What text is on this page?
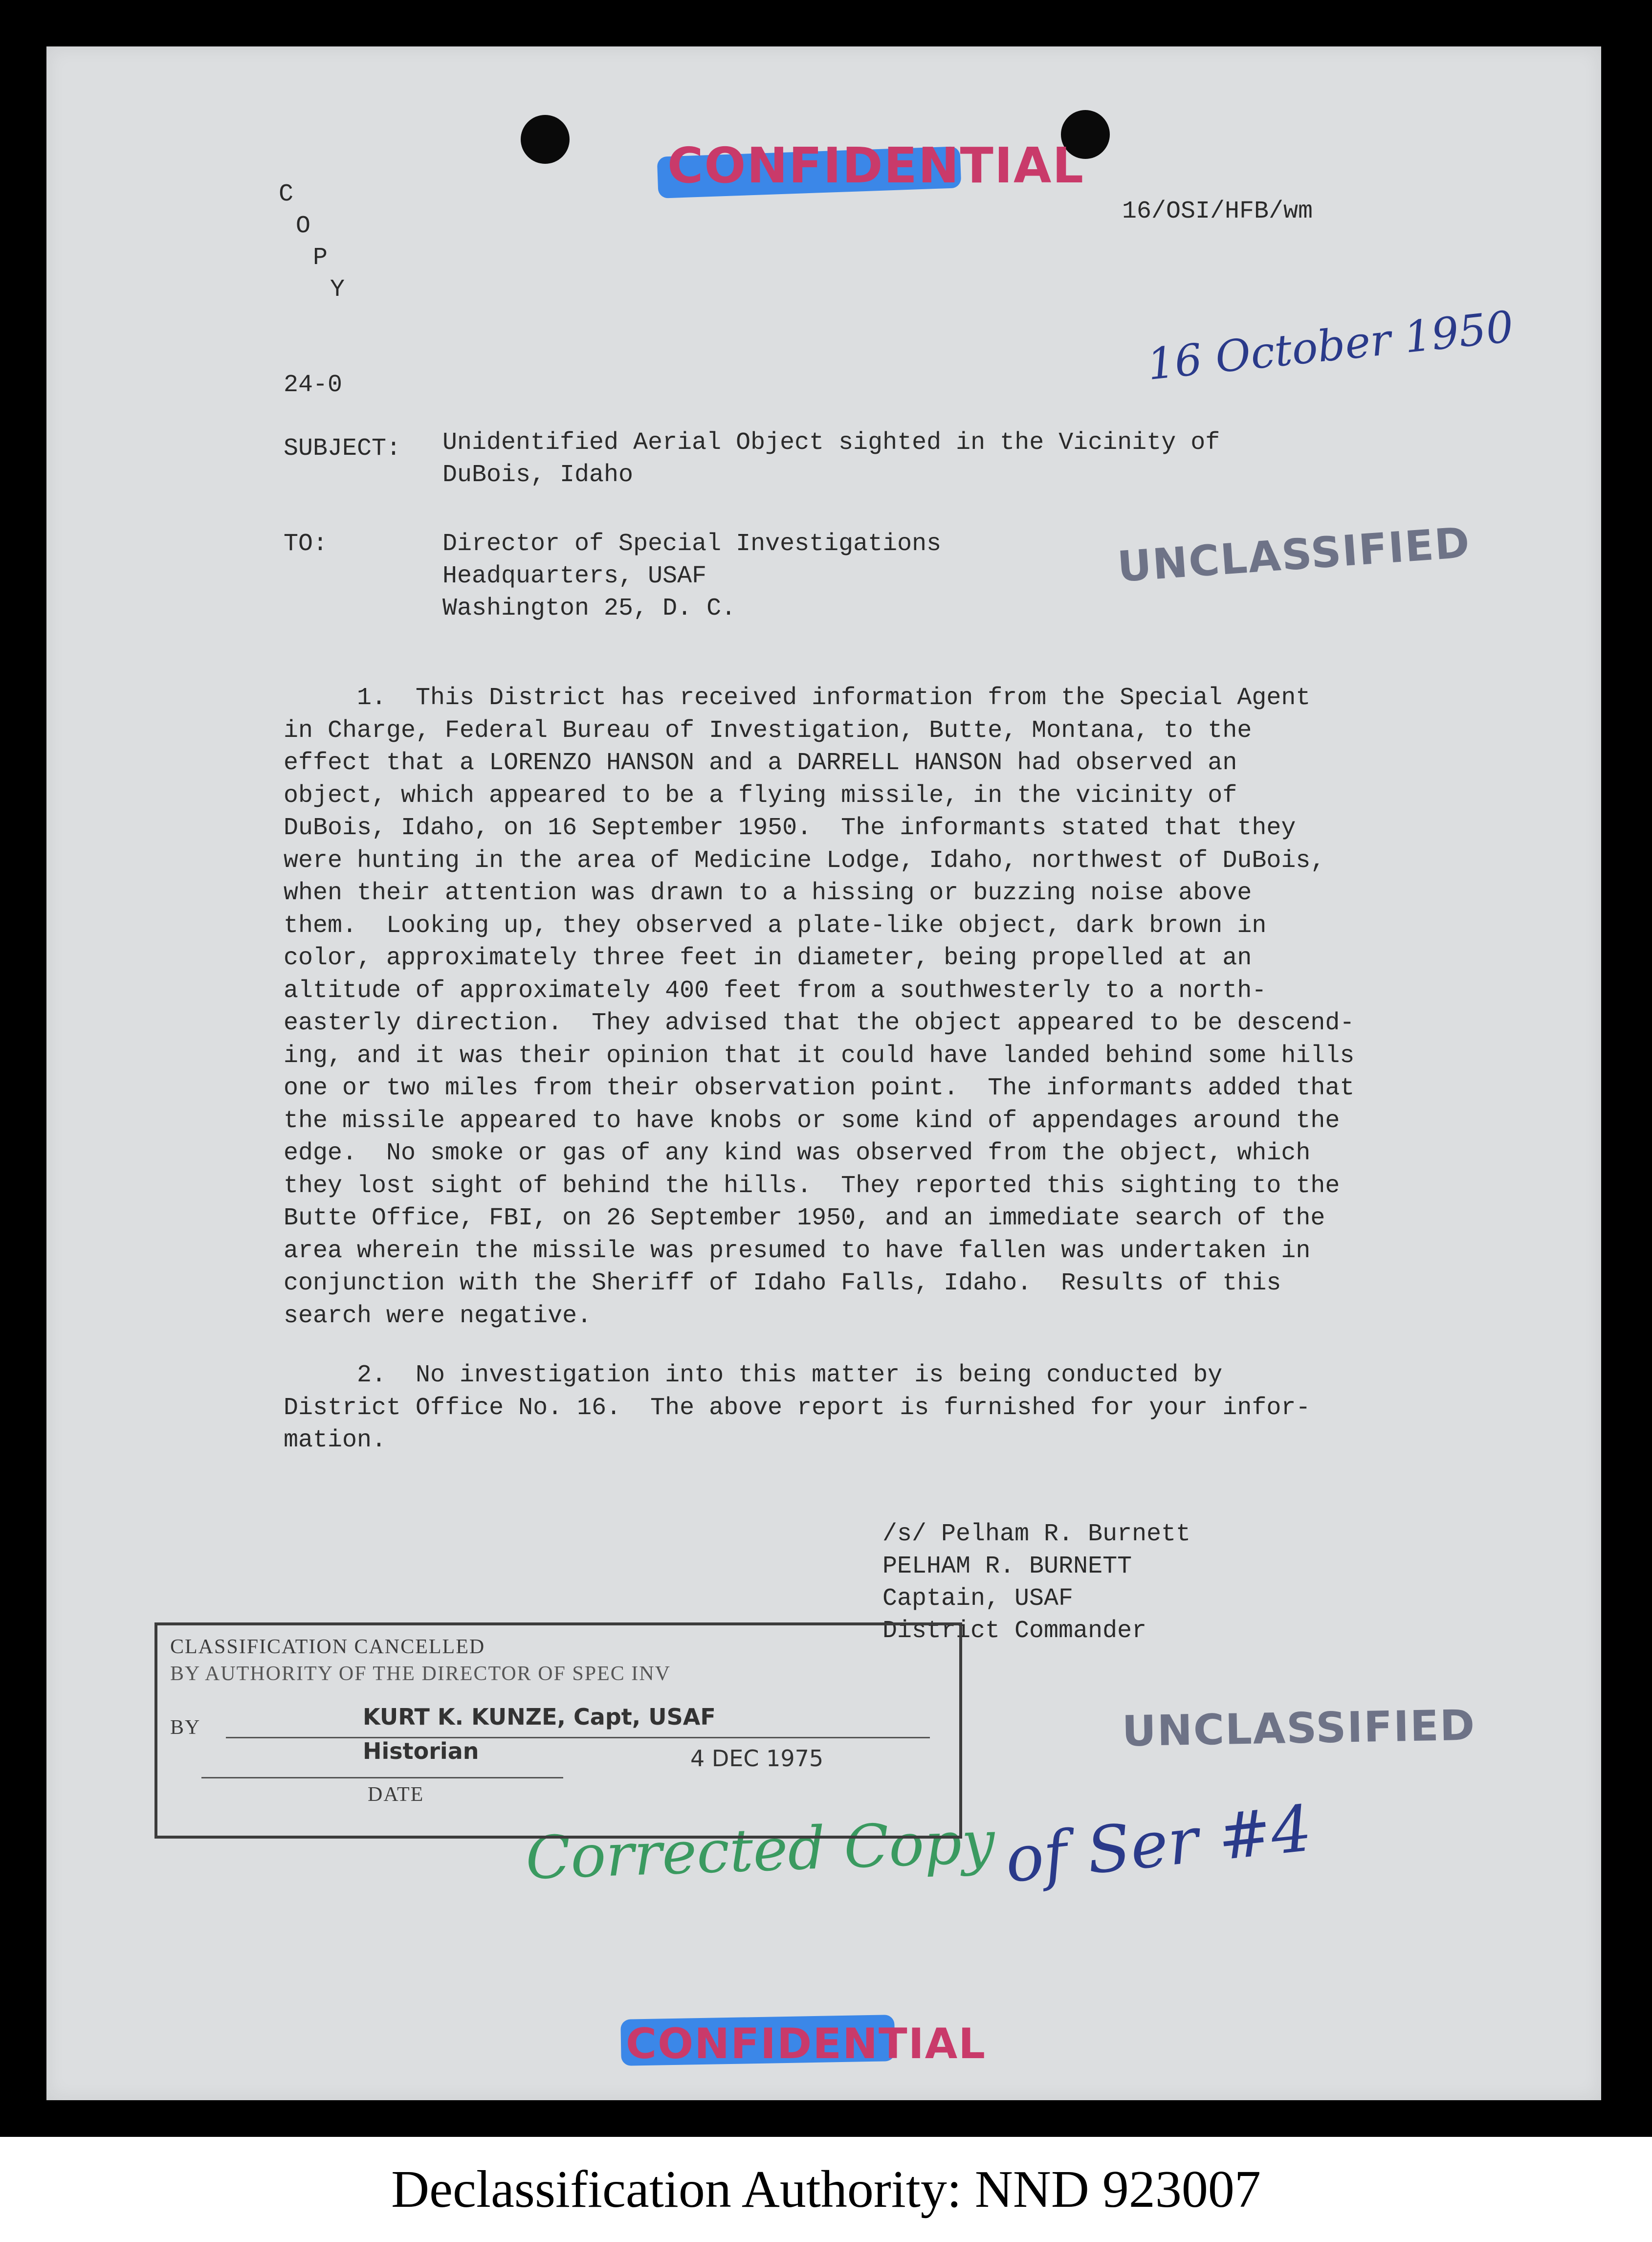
CONFIDENTIAL
C
O
P
Y
16/OSI/HFB/wm
16 October 1950
24-0
SUBJECT: Unidentified Aerial Object sighted in the Vicinity of
DuBois, Idaho
TO:	Director of Special Investigations
Headquarters, USAF
Washington 25, D. C.
UNCLASSIFIED
1.  This District has received information from the Special Agent
in Charge, Federal Bureau of Investigation, Butte, Montana, to the
effect that a LORENZO HANSON and a DARRELL HANSON had observed an
object, which appeared to be a flying missile, in the vicinity of
DuBois, Idaho, on 16 September 1950.  The informants stated that they
were hunting in the area of Medicine Lodge, Idaho, northwest of DuBois,
when their attention was drawn to a hissing or buzzing noise above
them.  Looking up, they observed a plate-like object, dark brown in
color, approximately three feet in diameter, being propelled at an
altitude of approximately 400 feet from a southwesterly to a north-
easterly direction.  They advised that the object appeared to be descend-
ing, and it was their opinion that it could have landed behind some hills
one or two miles from their observation point.  The informants added that
the missile appeared to have knobs or some kind of appendages around the
edge.  No smoke or gas of any kind was observed from the object, which
they lost sight of behind the hills.  They reported this sighting to the
Butte Office, FBI, on 26 September 1950, and an immediate search of the
area wherein the missile was presumed to have fallen was undertaken in
conjunction with the Sheriff of Idaho Falls, Idaho.  Results of this
search were negative.
2.  No investigation into this matter is being conducted by
District Office No. 16.  The above report is furnished for your infor-
mation.
/s/ Pelham R. Burnett
PELHAM R. BURNETT
Captain, USAF
District Commander
UNCLASSIFIED
Corrected Copy of Ser #4
CONFIDENTIAL
CLASSIFICATION CANCELLED
BY AUTHORITY OF THE DIRECTOR OF SPEC INV
BY	KURT K. KUNZE, Capt, USAF
Historian	4 DEC 1975
DATE
Declassification Authority: NND 923007
